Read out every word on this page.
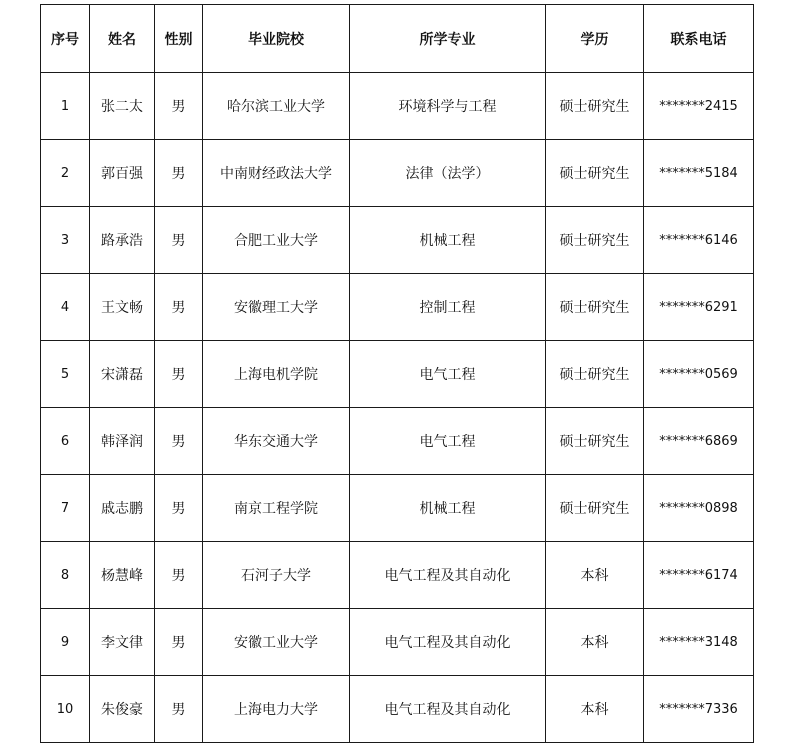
序号	姓名	性别	毕业院校	所学专业	学历	联系电话
1	张二太	男	哈尔滨工业大学	环境科学与工程	硕士研究生	*******2415
2	郭百强	男	中南财经政法大学	法律（法学）	硕士研究生	*******5184
3	路承浩	男	合肥工业大学	机械工程	硕士研究生	*******6146
4	王文畅	男	安徽理工大学	控制工程	硕士研究生	*******6291
5	宋潇磊	男	上海电机学院	电气工程	硕士研究生	*******0569
6	韩泽润	男	华东交通大学	电气工程	硕士研究生	*******6869
7	戚志鹏	男	南京工程学院	机械工程	硕士研究生	*******0898
8	杨慧峰	男	石河子大学	电气工程及其自动化	本科	*******6174
9	李文律	男	安徽工业大学	电气工程及其自动化	本科	*******3148
10	朱俊豪	男	上海电力大学	电气工程及其自动化	本科	*******7336
